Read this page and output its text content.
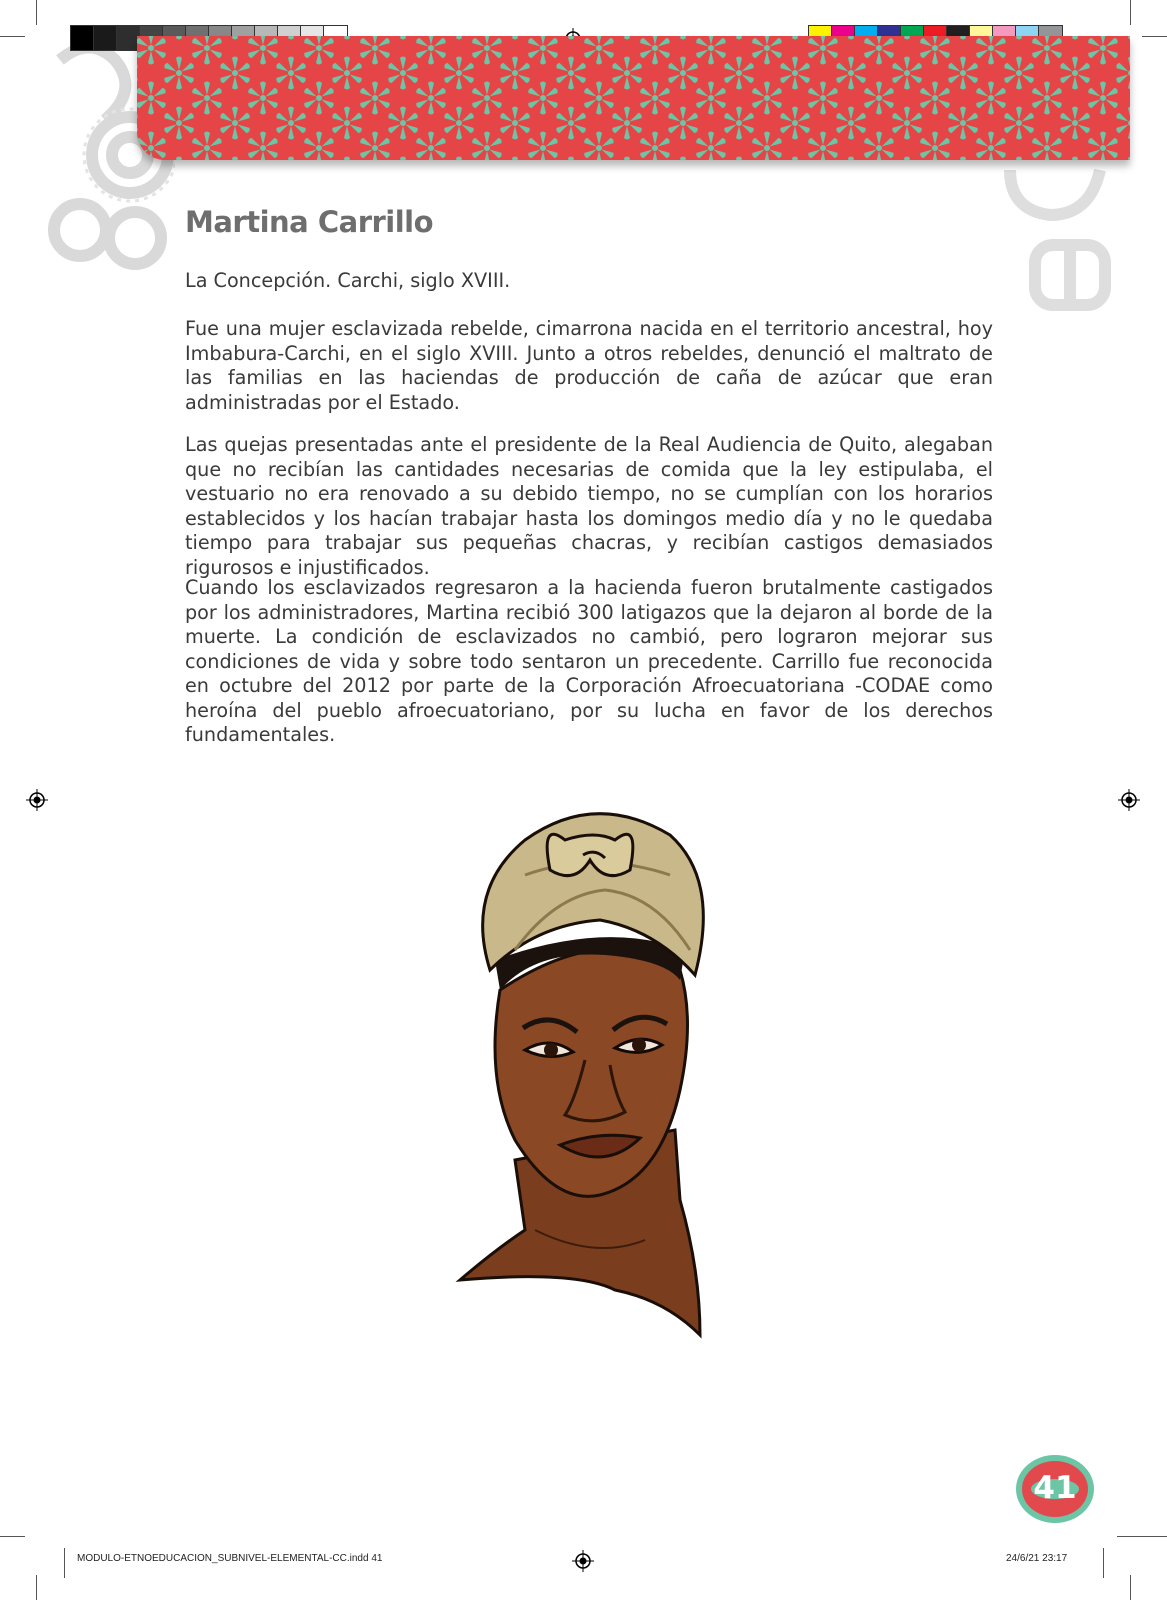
Martina Carrillo

La Concepción. Carchi, siglo XVIII.

Fue una mujer esclavizada rebelde, cimarrona nacida en el territorio ancestral, hoy Imbabura-Carchi, en el siglo XVIII. Junto a otros rebeldes, denunció el maltrato de las familias en las haciendas de producción de caña de azúcar que eran administradas por el Estado.

Las quejas presentadas ante el presidente de la Real Audiencia de Quito, alegaban que no recibían las cantidades necesarias de comida que la ley estipulaba, el vestuario no era renovado a su debido tiempo, no se cumplían con los horarios establecidos y los hacían trabajar hasta los domingos medio día y no le quedaba tiempo para trabajar sus pequeñas chacras, y recibían castigos demasiados rigurosos e injustificados.

Cuando los esclavizados regresaron a la hacienda fueron brutalmente castigados por los administradores, Martina recibió 300 latigazos que la dejaron al borde de la muerte. La condición de esclavizados no cambió, pero lograron mejorar sus condiciones de vida y sobre todo sentaron un precedente. Carrillo fue reconocida en octubre del 2012 por parte de la Corporación Afroecuatoriana -CODAE como heroína del pueblo afroecuatoriano, por su lucha en favor de los derechos fundamentales.

41
MODULO-ETNOEDUCACION_SUBNIVEL-ELEMENTAL-CC.indd 41	24/6/21 23:17
